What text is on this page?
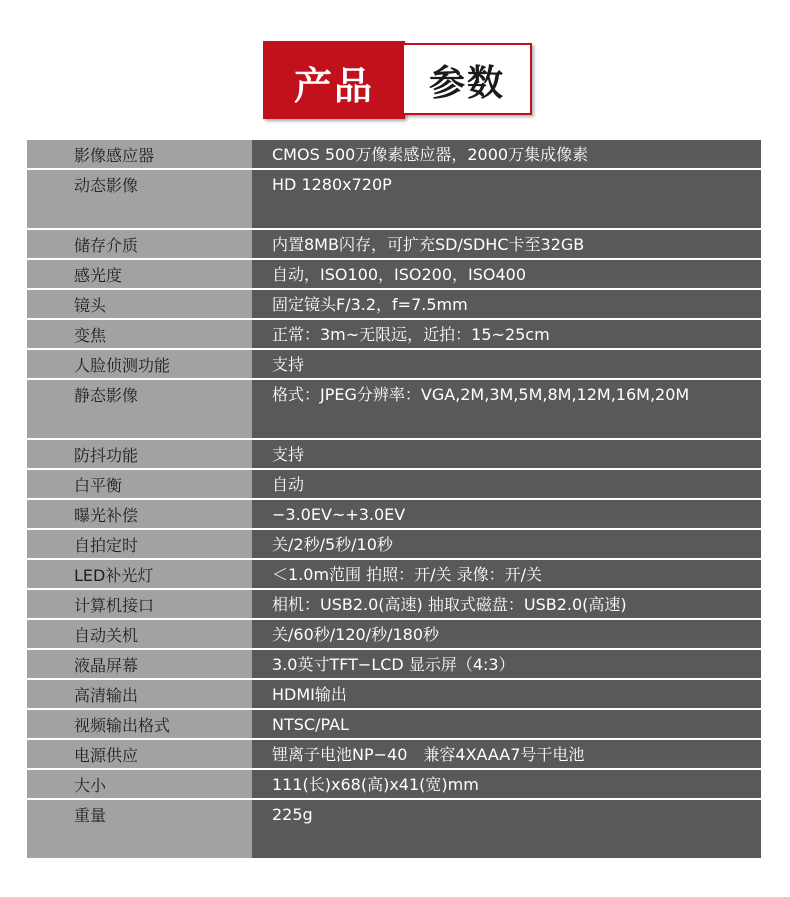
产品	参数
影像感应器	CMOS 500万像素感应器，2000万集成像素
动态影像	HD 1280x720P
储存介质	内置8MB闪存，可扩充SD/SDHC卡至32GB
感光度	自动，ISO100，ISO200，ISO400
镜头	固定镜头F/3.2，f=7.5mm
变焦	正常：3m~无限远，近拍：15~25cm
人脸侦测功能	支持
静态影像	格式：JPEG分辨率：VGA,2M,3M,5M,8M,12M,16M,20M
防抖功能	支持
白平衡	自动
曝光补偿	−3.0EV~+3.0EV
自拍定时	关/2秒/5秒/10秒
LED补光灯	＜1.0m范围 拍照：开/关 录像：开/关
计算机接口	相机：USB2.0(高速) 抽取式磁盘：USB2.0(高速)
自动关机	关/60秒/120/秒/180秒
液晶屏幕	3.0英寸TFT−LCD 显示屏（4:3）
高清输出	HDMI输出
视频输出格式	NTSC/PAL
电源供应	锂离子电池NP−40　兼容4XAAA7号干电池
大小	111(长)x68(高)x41(宽)mm
重量	225g
